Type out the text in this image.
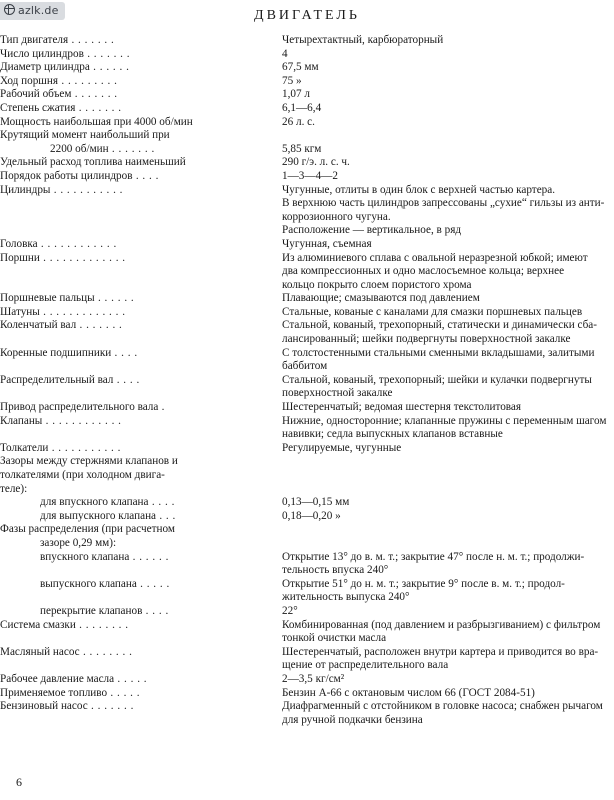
azlk.de	ДВИГАТЕЛЬ
Тип двигателя . . . . . . .	Четырехтактный, карбюраторный

Число цилиндров . . . . . . .	4

Диаметр цилиндра . . . . . .	67,5 мм

Ход поршня . . . . . . . . .	75 »

Рабочий объем . . . . . . .	1,07 л

Степень сжатия . . . . . . .	6,1—6,4

Мощность наибольшая при 4000 об/мин	26 л. с.

Крутящий момент наибольший при	
2200 об/мин . . . . . . .	5,85 кгм

Удельный расход топлива наименьший	290 г/э. л. с. ч.

Порядок работы цилиндров . . . .	1—3—4—2

Цилиндры . . . . . . . . . . .	Чугунные, отлиты в один блок с верхней частью картера.
В верхнюю часть цилиндров запрессованы „сухие“ гильзы из анти-
коррозионного чугуна.
Расположение — вертикальное, в ряд

Головка . . . . . . . . . . . .	Чугунная, съемная

Поршни . . . . . . . . . . . . .	Из алюминиевого сплава с овальной неразрезной юбкой; имеют
два компрессионных и одно маслосъемное кольца; верхнее
кольцо покрыто слоем пористого хрома

Поршневые пальцы . . . . . .	Плавающие; смазываются под давлением

Шатуны . . . . . . . . . . . . .	Стальные, кованые с каналами для смазки поршневых пальцев

Коленчатый вал . . . . . . .	Стальной, кованый, трехопорный, статически и динамически сба-
лансированный; шейки подвергнуты поверхностной закалке

Коренные подшипники . . . .	С толстостенными стальными сменными вкладышами, залитыми
баббитом

Распределительный вал . . . .	Стальной, кованый, трехопорный; шейки и кулачки подвергнуты
поверхностной закалке

Привод распределительного вала .	Шестеренчатый; ведомая шестерня текстолитовая

Клапаны . . . . . . . . . . . .	Нижние, односторонние; клапанные пружины с переменным шагом
навивки; седла выпускных клапанов вставные

Толкатели . . . . . . . . . . .	Регулируемые, чугунные

Зазоры между стержнями клапанов и	
толкателями (при холодном двига-	
теле):	
для впускного клапана . . . .	0,13—0,15 мм

для выпускного клапана . . .	0,18—0,20 »

Фазы распределения (при расчетном	
зазоре 0,29 мм):	
впускного клапана . . . . . .	Открытие 13° до в. м. т.; закрытие 47° после н. м. т.; продолжи-
тельность впуска 240°

выпускного клапана . . . . .	Открытие 51° до н. м. т.; закрытие 9° после в. м. т.; продол-
жительность выпуска 240°

перекрытие клапанов . . . .	22°

Система смазки . . . . . . . .	Комбинированная (под давлением и разбрызгиванием) с фильтром
тонкой очистки масла

Масляный насос . . . . . . . .	Шестеренчатый, расположен внутри картера и приводится во вра-
щение от распределительного вала

Рабочее давление масла . . . . .	2—3,5 кг/см²

Применяемое топливо . . . . .	Бензин А-66 с октановым числом 66 (ГОСТ 2084-51)

Бензиновый насос . . . . . . .	Диафрагменный с отстойником в головке насоса; снабжен рычагом
для ручной подкачки бензина
6
